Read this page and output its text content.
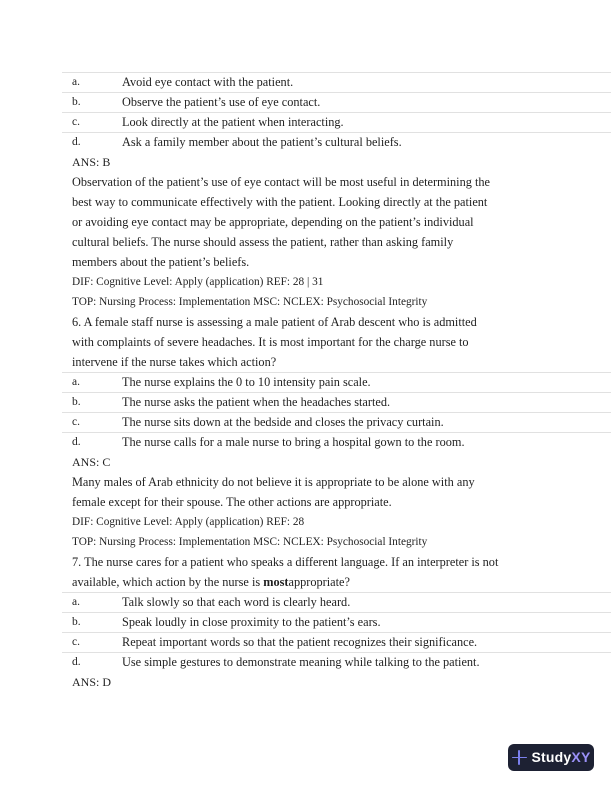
a.	Avoid eye contact with the patient.
b.	Observe the patient’s use of eye contact.
c.	Look directly at the patient when interacting.
d.	Ask a family member about the patient’s cultural beliefs.
ANS: B
Observation of the patient’s use of eye contact will be most useful in determining the
best way to communicate effectively with the patient. Looking directly at the patient
or avoiding eye contact may be appropriate, depending on the patient’s individual
cultural beliefs. The nurse should assess the patient, rather than asking family
members about the patient’s beliefs.
DIF: Cognitive Level: Apply (application) REF: 28 | 31
TOP: Nursing Process: Implementation MSC: NCLEX: Psychosocial Integrity
6. A female staff nurse is assessing a male patient of Arab descent who is admitted
with complaints of severe headaches. It is most important for the charge nurse to
intervene if the nurse takes which action?
a.	The nurse explains the 0 to 10 intensity pain scale.
b.	The nurse asks the patient when the headaches started.
c.	The nurse sits down at the bedside and closes the privacy curtain.
d.	The nurse calls for a male nurse to bring a hospital gown to the room.
ANS: C
Many males of Arab ethnicity do not believe it is appropriate to be alone with any
female except for their spouse. The other actions are appropriate.
DIF: Cognitive Level: Apply (application) REF: 28
TOP: Nursing Process: Implementation MSC: NCLEX: Psychosocial Integrity
7. The nurse cares for a patient who speaks a different language. If an interpreter is not
available, which action by the nurse is mostappropriate?
a.	Talk slowly so that each word is clearly heard.
b.	Speak loudly in close proximity to the patient’s ears.
c.	Repeat important words so that the patient recognizes their significance.
d.	Use simple gestures to demonstrate meaning while talking to the patient.
ANS: D
StudyXY
